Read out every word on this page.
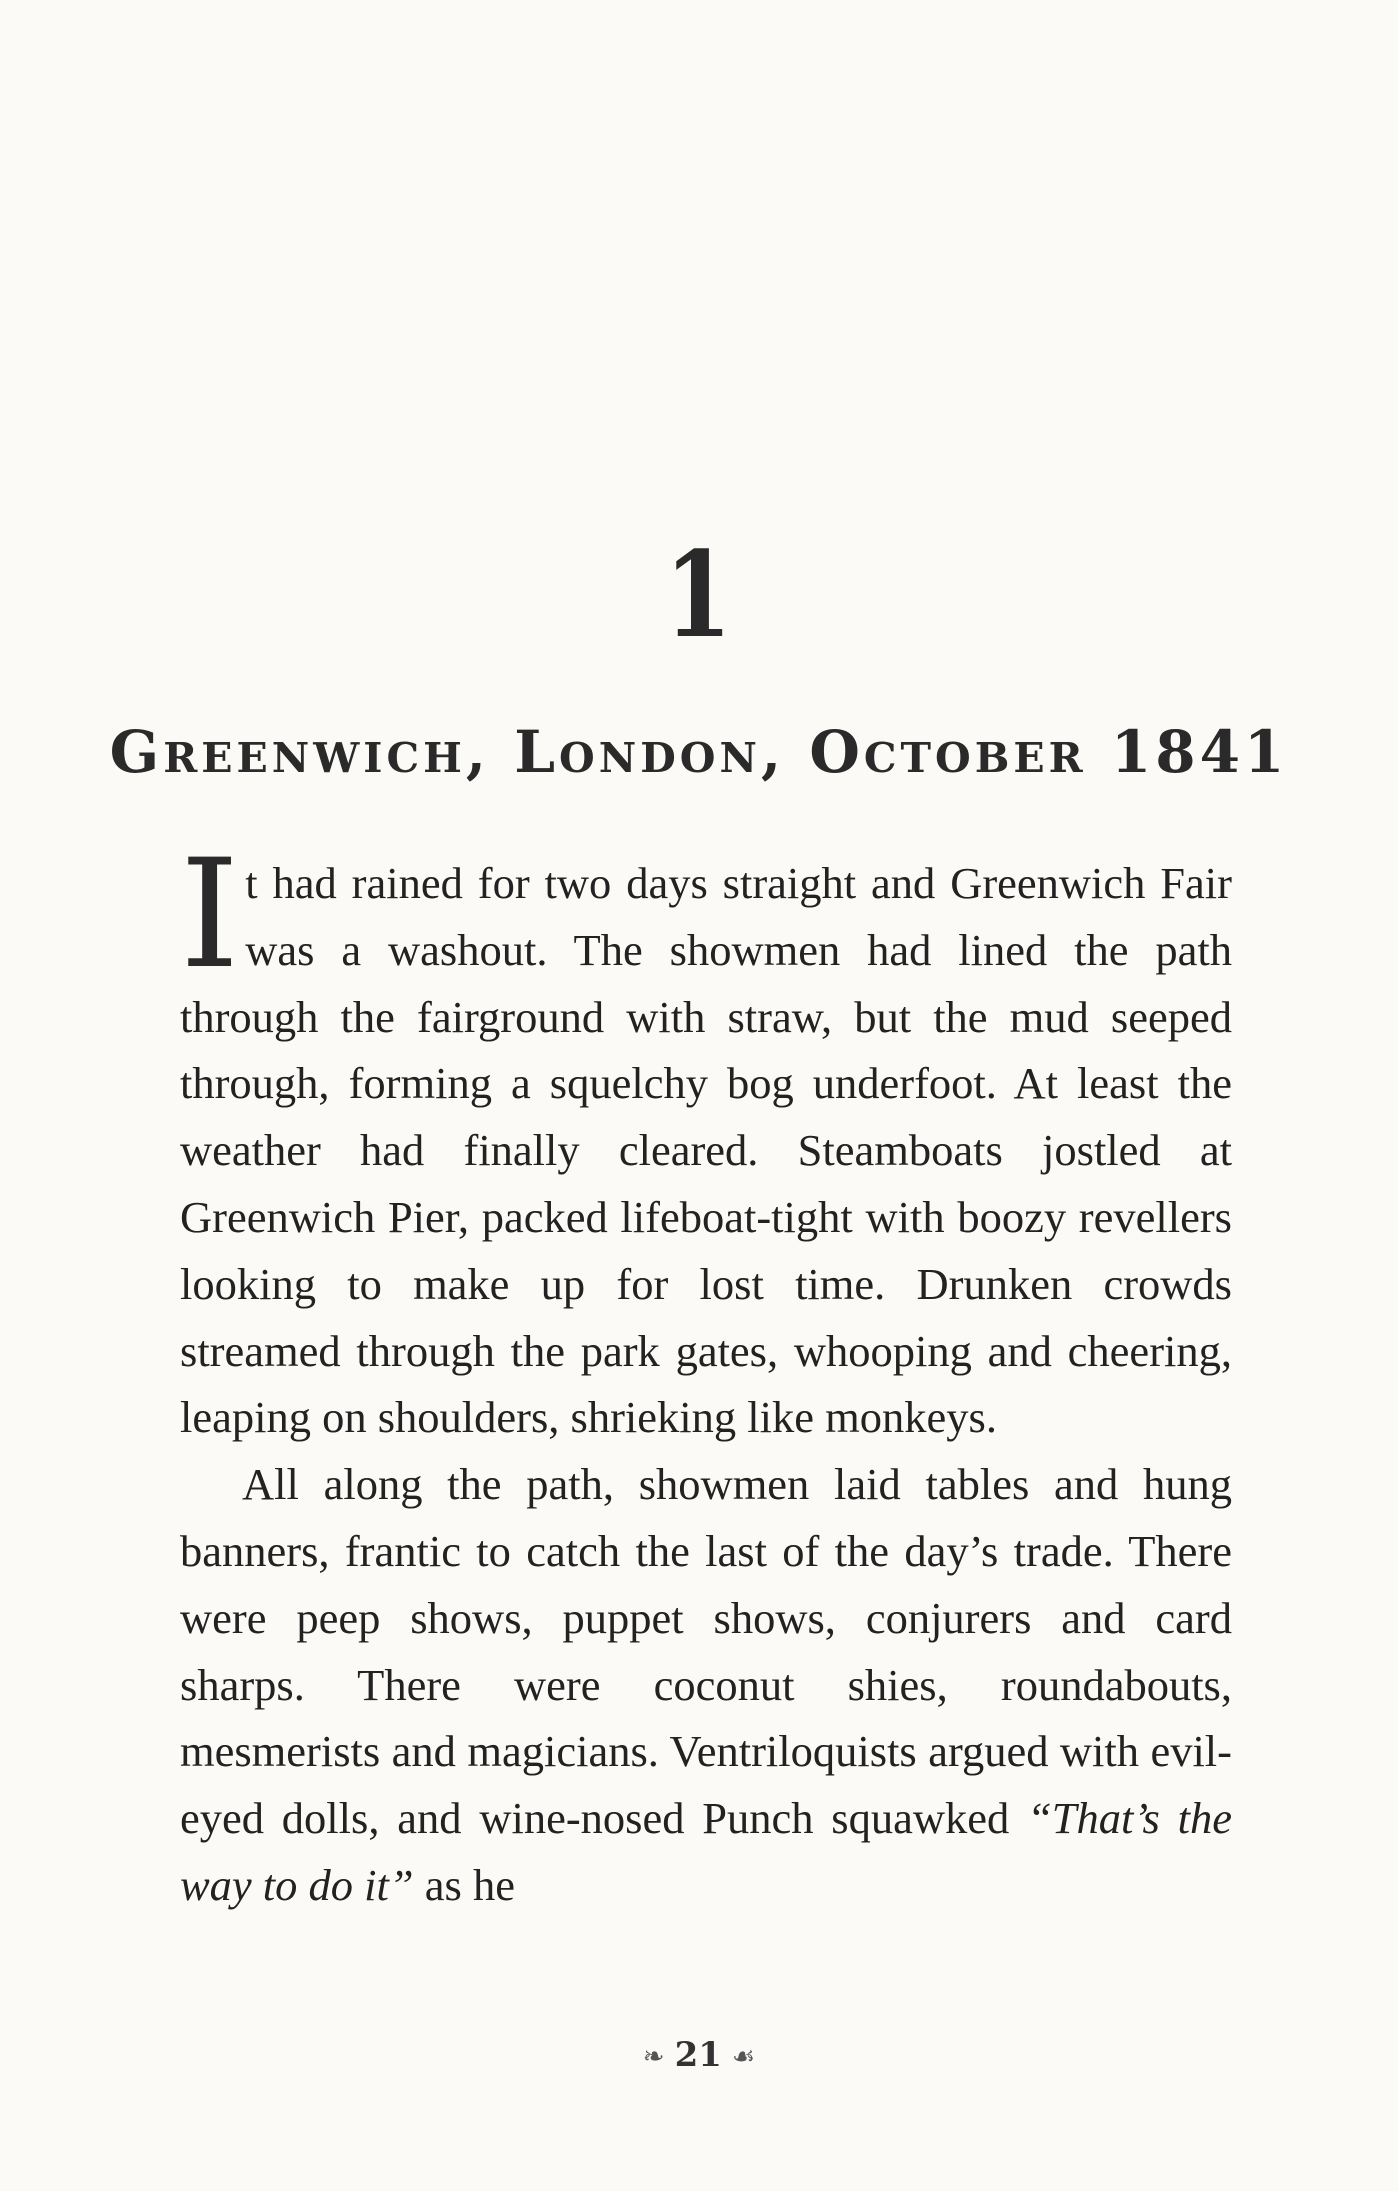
1
Greenwich, London, October 1841

It had rained for two days straight and Greenwich Fair was a washout. The showmen had lined the path through the fairground with straw, but the mud seeped through, forming a squelchy bog underfoot. At least the weather had finally cleared. Steamboats jostled at Greenwich Pier, packed lifeboat-tight with boozy revellers looking to make up for lost time. Drunken crowds streamed through the park gates, whooping and cheering, leaping on shoulders, shrieking like monkeys.

All along the path, showmen laid tables and hung banners, frantic to catch the last of the day’s trade. There were peep shows, puppet shows, conjurers and card sharps. There were coconut shies, roundabouts, mesmerists and magicians. Ventriloquists argued with evil-eyed dolls, and wine-nosed Punch squawked “That’s the way to do it” as he

❧ 21 ☙
